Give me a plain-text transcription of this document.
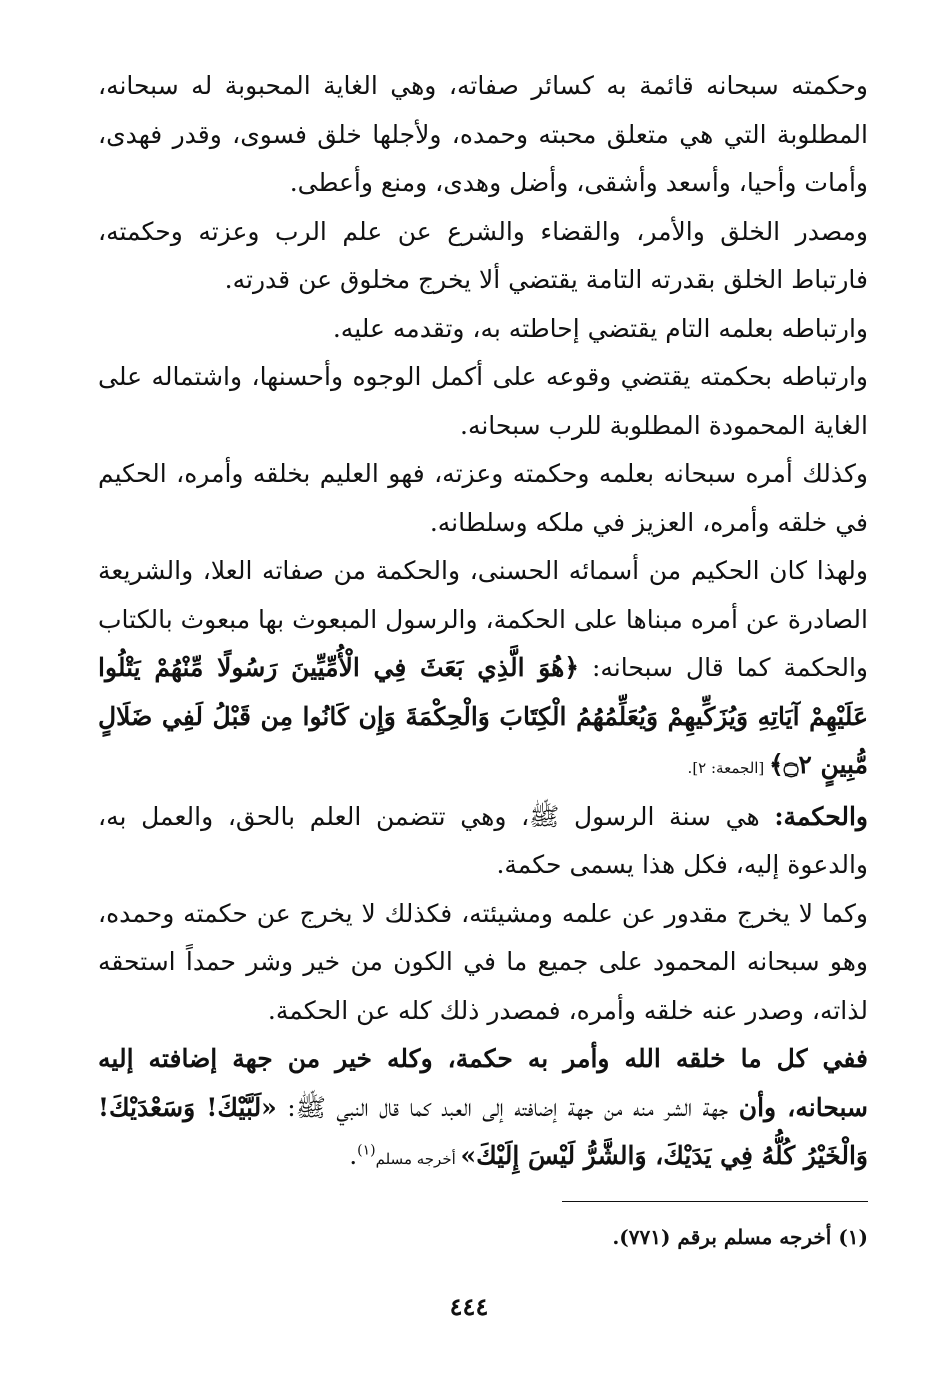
وحكمته سبحانه قائمة به كسائر صفاته، وهي الغاية المحبوبة له سبحانه، المطلوبة التي هي متعلق محبته وحمده، ولأجلها خلق فسوى، وقدر فهدى، وأمات وأحيا، وأسعد وأشقى، وأضل وهدى، ومنع وأعطى.

ومصدر الخلق والأمر، والقضاء والشرع عن علم الرب وعزته وحكمته، فارتباط الخلق بقدرته التامة يقتضي ألا يخرج مخلوق عن قدرته.

وارتباطه بعلمه التام يقتضي إحاطته به، وتقدمه عليه.

وارتباطه بحكمته يقتضي وقوعه على أكمل الوجوه وأحسنها، واشتماله على الغاية المحمودة المطلوبة للرب سبحانه.

وكذلك أمره سبحانه بعلمه وحكمته وعزته، فهو العليم بخلقه وأمره، الحكيم في خلقه وأمره، العزيز في ملكه وسلطانه.

ولهذا كان الحكيم من أسمائه الحسنى، والحكمة من صفاته العلا، والشريعة الصادرة عن أمره مبناها على الحكمة، والرسول المبعوث بها مبعوث بالكتاب والحكمة كما قال سبحانه: ﴿هُوَ الَّذِي بَعَثَ فِي الْأُمِّيِّينَ رَسُولًا مِّنْهُمْ يَتْلُوا عَلَيْهِمْ آيَاتِهِ وَيُزَكِّيهِمْ وَيُعَلِّمُهُمُ الْكِتَابَ وَالْحِكْمَةَ وَإِن كَانُوا مِن قَبْلُ لَفِي ضَلَالٍ مُّبِينٍ ۝٢﴾ [الجمعة: ٢].

والحكمة: هي سنة الرسول ﷺ، وهي تتضمن العلم بالحق، والعمل به، والدعوة إليه، فكل هذا يسمى حكمة.

وكما لا يخرج مقدور عن علمه ومشيئته، فكذلك لا يخرج عن حكمته وحمده، وهو سبحانه المحمود على جميع ما في الكون من خير وشر حمداً استحقه لذاته، وصدر عنه خلقه وأمره، فمصدر ذلك كله عن الحكمة.

ففي كل ما خلقه الله وأمر به حكمة، وكله خير من جهة إضافته إليه سبحانه، وأن جهة الشر منه من جهة إضافته إلى العبد كما قال النبي ﷺ: «لَبَّيْكَ! وَسَعْدَيْكَ! وَالْخَيْرُ كُلُّهُ فِي يَدَيْكَ، وَالشَّرُّ لَيْسَ إِلَيْكَ» أخرجه مسلم$^{(١)}$.

(١) أخرجه مسلم برقم (٧٧١).
٤٤٤
